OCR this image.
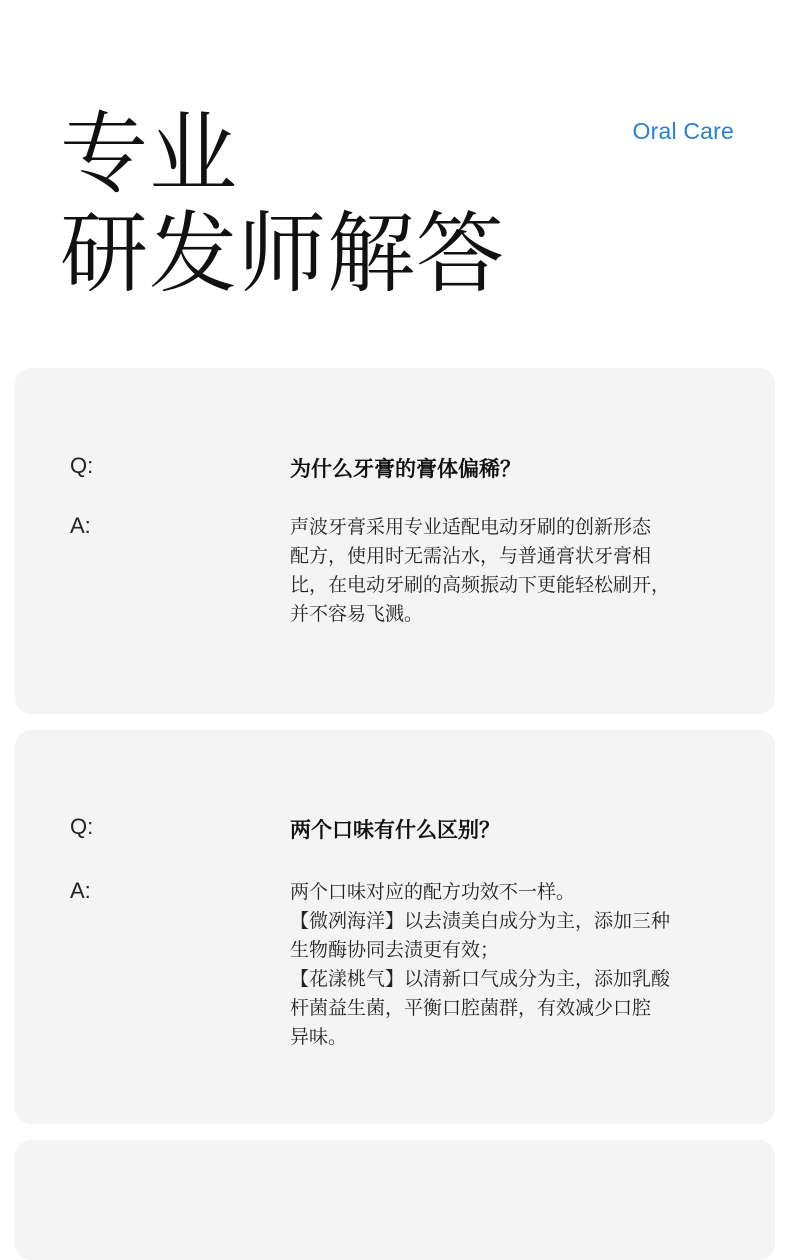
Oral Care
专业
研发师解答
Q:	为什么牙膏的膏体偏稀？
A:	声波牙膏采用专业适配电动牙刷的创新形态
配方，使用时无需沾水，与普通膏状牙膏相
比，在电动牙刷的高频振动下更能轻松刷开，
并不容易飞溅。
Q:	两个口味有什么区别？
A:	两个口味对应的配方功效不一样。
【微冽海洋】以去渍美白成分为主，添加三种
生物酶协同去渍更有效；
【花漾桃气】以清新口气成分为主，添加乳酸
杆菌益生菌，平衡口腔菌群，有效减少口腔
异味。
